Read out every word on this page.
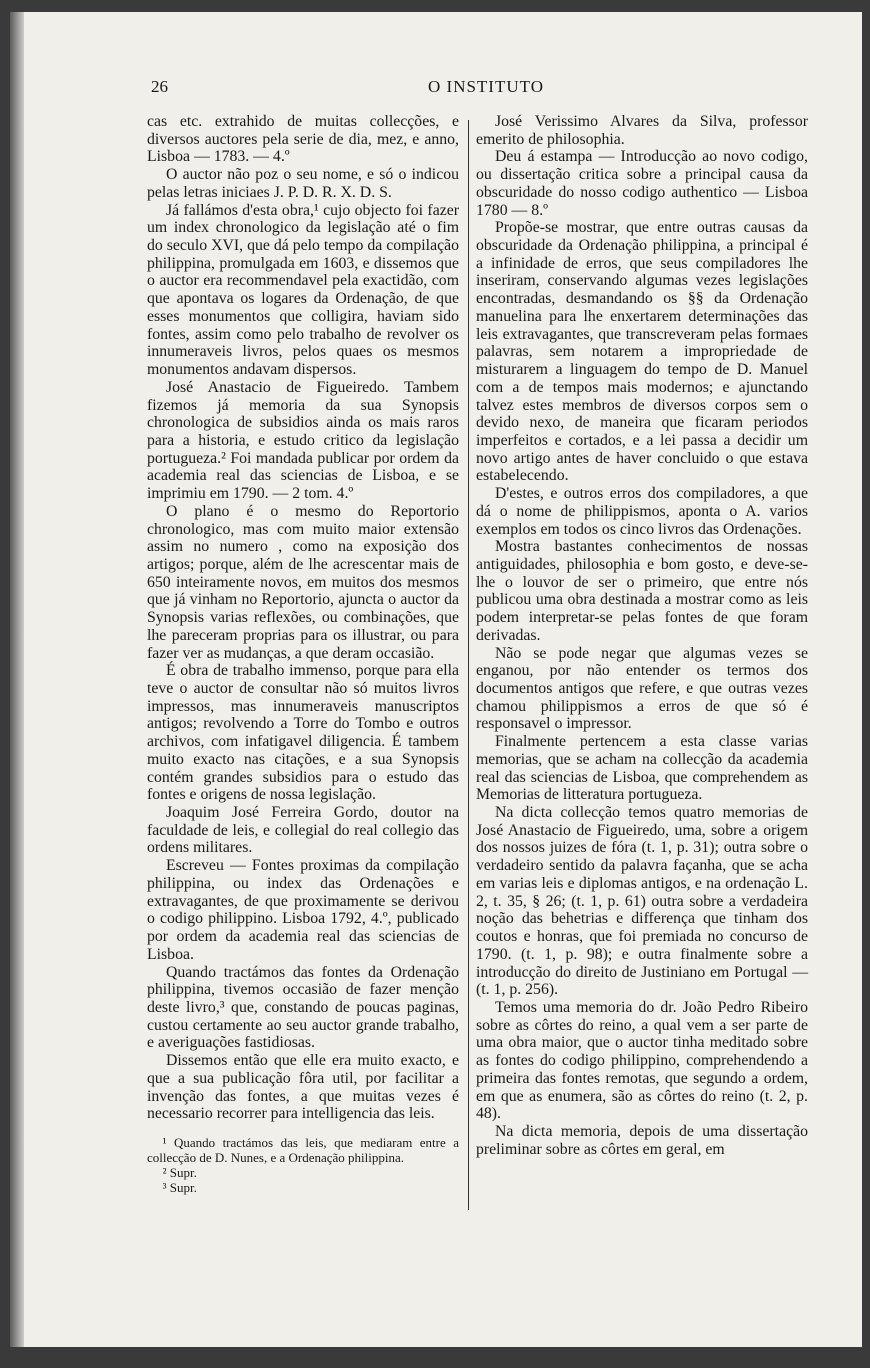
26	O INSTITUTO

cas etc. extrahido de muitas collecções, e diversos auctores pela serie de dia, mez, e anno, Lisboa — 1783. — 4.º

O auctor não poz o seu nome, e só o indicou pelas letras iniciaes J. P. D. R. X. D. S.

Já fallámos d'esta obra,¹ cujo objecto foi fazer um index chronologico da legislação até o fim do seculo XVI, que dá pelo tempo da compilação philippina, promulgada em 1603, e dissemos que o auctor era recommendavel pela exactidão, com que apontava os logares da Ordenação, de que esses monumentos que colligira, haviam sido fontes, assim como pelo trabalho de revolver os innumeraveis livros, pelos quaes os mesmos monumentos andavam dispersos.

José Anastacio de Figueiredo. Tambem fizemos já memoria da sua Synopsis chronologica de subsidios ainda os mais raros para a historia, e estudo critico da legislação portugueza.² Foi mandada publicar por ordem da academia real das sciencias de Lisboa, e se imprimiu em 1790. — 2 tom. 4.º

O plano é o mesmo do Reportorio chronologico, mas com muito maior extensão assim no numero , como na exposição dos artigos; porque, além de lhe acrescentar mais de 650 inteiramente novos, em muitos dos mesmos que já vinham no Reportorio, ajuncta o auctor da Synopsis varias reflexões, ou combinações, que lhe pareceram proprias para os illustrar, ou para fazer ver as mudanças, a que deram occasião.

É obra de trabalho immenso, porque para ella teve o auctor de consultar não só muitos livros impressos, mas innumeraveis manuscriptos antigos; revolvendo a Torre do Tombo e outros archivos, com infatigavel diligencia. É tambem muito exacto nas citações, e a sua Synopsis contém grandes subsidios para o estudo das fontes e origens de nossa legislação.

Joaquim José Ferreira Gordo, doutor na faculdade de leis, e collegial do real collegio das ordens militares.

Escreveu — Fontes proximas da compilação philippina, ou index das Ordenações e extravagantes, de que proximamente se derivou o codigo philippino. Lisboa 1792, 4.º, publicado por ordem da academia real das sciencias de Lisboa.

Quando tractámos das fontes da Ordenação philippina, tivemos occasião de fazer menção deste livro,³ que, constando de poucas paginas, custou certamente ao seu auctor grande trabalho, e averiguações fastidiosas.

Dissemos então que elle era muito exacto, e que a sua publicação fôra util, por facilitar a invenção das fontes, a que muitas vezes é necessario recorrer para intelligencia das leis.

¹ Quando tractámos das leis, que mediaram entre a collecção de D. Nunes, e a Ordenação philippina.

² Supr.

³ Supr.

José Verissimo Alvares da Silva, professor emerito de philosophia.

Deu á estampa — Introducção ao novo codigo, ou dissertação critica sobre a principal causa da obscuridade do nosso codigo authentico — Lisboa 1780 — 8.º

Propõe-se mostrar, que entre outras causas da obscuridade da Ordenação philippina, a principal é a infinidade de erros, que seus compiladores lhe inseriram, conservando algumas vezes legislações encontradas, desmandando os §§ da Ordenação manuelina para lhe enxertarem determinações das leis extravagantes, que transcreveram pelas formaes palavras, sem notarem a impropriedade de misturarem a linguagem do tempo de D. Manuel com a de tempos mais modernos; e ajunctando talvez estes membros de diversos corpos sem o devido nexo, de maneira que ficaram periodos imperfeitos e cortados, e a lei passa a decidir um novo artigo antes de haver concluido o que estava estabelecendo.

D'estes, e outros erros dos compiladores, a que dá o nome de philippismos, aponta o A. varios exemplos em todos os cinco livros das Ordenações.

Mostra bastantes conhecimentos de nossas antiguidades, philosophia e bom gosto, e deve-se-lhe o louvor de ser o primeiro, que entre nós publicou uma obra destinada a mostrar como as leis podem interpretar-se pelas fontes de que foram derivadas.

Não se pode negar que algumas vezes se enganou, por não entender os termos dos documentos antigos que refere, e que outras vezes chamou philippismos a erros de que só é responsavel o impressor.

Finalmente pertencem a esta classe varias memorias, que se acham na collecção da academia real das sciencias de Lisboa, que comprehendem as Memorias de litteratura portugueza.

Na dicta collecção temos quatro memorias de José Anastacio de Figueiredo, uma, sobre a origem dos nossos juizes de fóra (t. 1, p. 31); outra sobre o verdadeiro sentido da palavra façanha, que se acha em varias leis e diplomas antigos, e na ordenação L. 2, t. 35, § 26; (t. 1, p. 61) outra sobre a verdadeira noção das behetrias e differença que tinham dos coutos e honras, que foi premiada no concurso de 1790. (t. 1, p. 98); e outra finalmente sobre a introducção do direito de Justiniano em Portugal — (t. 1, p. 256).

Temos uma memoria do dr. João Pedro Ribeiro sobre as côrtes do reino, a qual vem a ser parte de uma obra maior, que o auctor tinha meditado sobre as fontes do codigo philippino, comprehendendo a primeira das fontes remotas, que segundo a ordem, em que as enumera, são as côrtes do reino (t. 2, p. 48).

Na dicta memoria, depois de uma dissertação preliminar sobre as côrtes em geral, em
